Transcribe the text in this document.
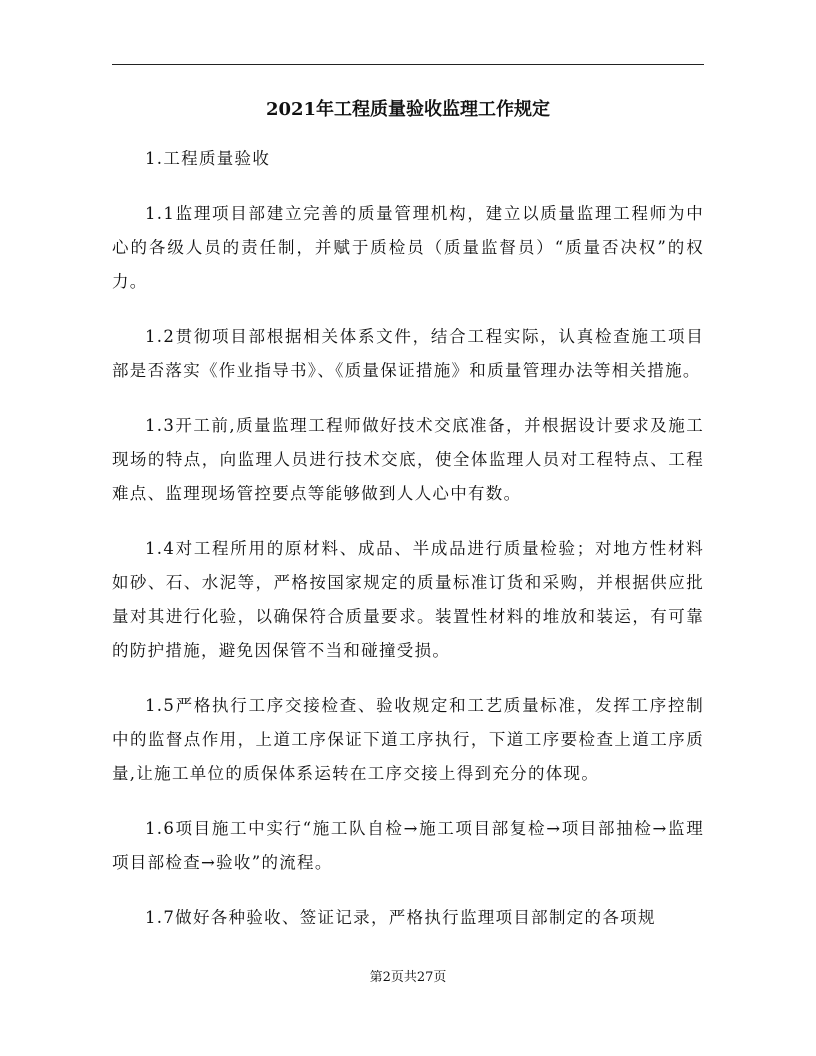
2021年工程质量验收监理工作规定

1.工程质量验收

1.1监理项目部建立完善的质量管理机构，建立以质量监理工程师为中心的各级人员的责任制，并赋于质检员（质量监督员）“质量否决权”的权力。

1.2贯彻项目部根据相关体系文件，结合工程实际，认真检查施工项目部是否落实《作业指导书》、《质量保证措施》和质量管理办法等相关措施。

1.3开工前,质量监理工程师做好技术交底准备，并根据设计要求及施工现场的特点，向监理人员进行技术交底，使全体监理人员对工程特点、工程难点、监理现场管控要点等能够做到人人心中有数。

1.4对工程所用的原材料、成品、半成品进行质量检验；对地方性材料如砂、石、水泥等，严格按国家规定的质量标准订货和采购，并根据供应批量对其进行化验，以确保符合质量要求。装置性材料的堆放和装运，有可靠的防护措施，避免因保管不当和碰撞受损。

1.5严格执行工序交接检查、验收规定和工艺质量标准，发挥工序控制中的监督点作用，上道工序保证下道工序执行，下道工序要检查上道工序质量,让施工单位的质保体系运转在工序交接上得到充分的体现。

1.6项目施工中实行“施工队自检→施工项目部复检→项目部抽检→监理项目部检查→验收”的流程。

1.7做好各种验收、签证记录，严格执行监理项目部制定的各项规

第2页共27页
